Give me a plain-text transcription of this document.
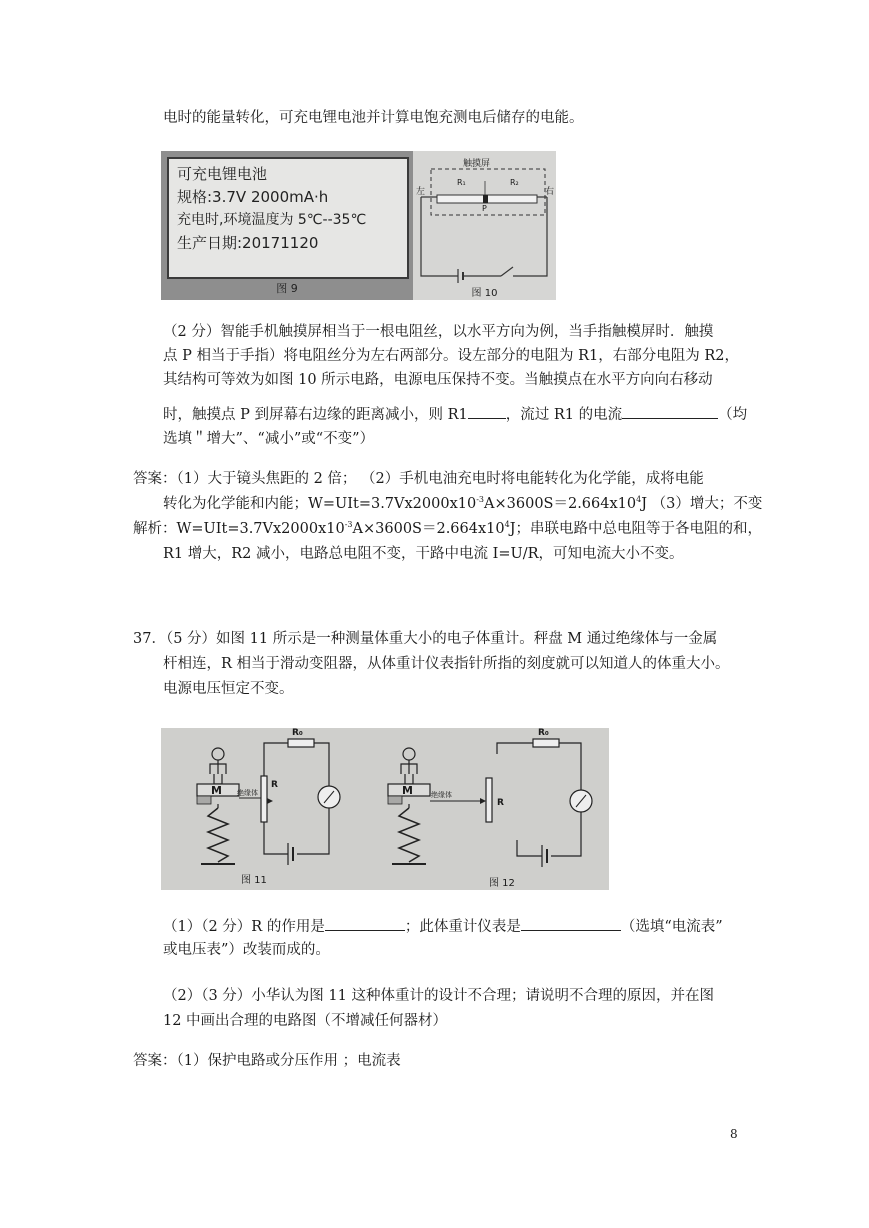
电时的能量转化，可充电锂电池并计算电饱充测电后储存的电能。
可充电锂电池
规格:3.7V 2000mA·h
充电时,环境温度为 5℃--35℃
生产日期:20171120
图 9
触摸屏
左	右
R₁	R₂
P
图 10
（2 分）智能手机触摸屏相当于一根电阻丝，以水平方向为例，当手指触模屏时．触摸
点 P 相当于手指）将电阻丝分为左右两部分。设左部分的电阻为 R1，右部分电阻为 R2，
其结构可等效为如图 10 所示电路，电源电压保持不变。当触摸点在水平方向向右移动
时，触摸点 P 到屏幕右边缘的距离减小，则 R1	，流过 R1 的电流	（均
选填＂增大”、“减小”或“不变”）
答案：（1）大于镜头焦距的 2 倍； （2）手机电油充电时将电能转化为化学能，成将电能
转化为化学能和内能；$W=UIt=3.7Vx2000x10^{-3}A\times 3600S=2.664x10^4J$ （3）增大；不变
解析：$W=UIt=3.7Vx2000x10^{-3}A\times 3600S=2.664x10^4J$；串联电路中总电阻等于各电阻的和，
R1 增大，R2 减小，电路总电阻不变，干路中电流 I=U/R，可知电流大小不变。
37．（5 分）如图 11 所示是一种测量体重大小的电子体重计。秤盘 M 通过绝缘体与一金属
杆相连，R 相当于滑动变阻器，从体重计仪表指针所指的刻度就可以知道人的体重大小。
电源电压恒定不变。
M
R₀
R
绝缘体
图 11
M
R₀
R
绝缘体
图 12
（1）（2 分）R 的作用是	；此体重计仪表是	（选填“电流表”
或电压表”）改装而成的。
（2）（3 分）小华认为图 11 这种体重计的设计不合理；请说明不合理的原因，并在图
12 中画出合理的电路图（不增减任何器材）
答案：（1）保护电路或分压作用 ；电流表
8
